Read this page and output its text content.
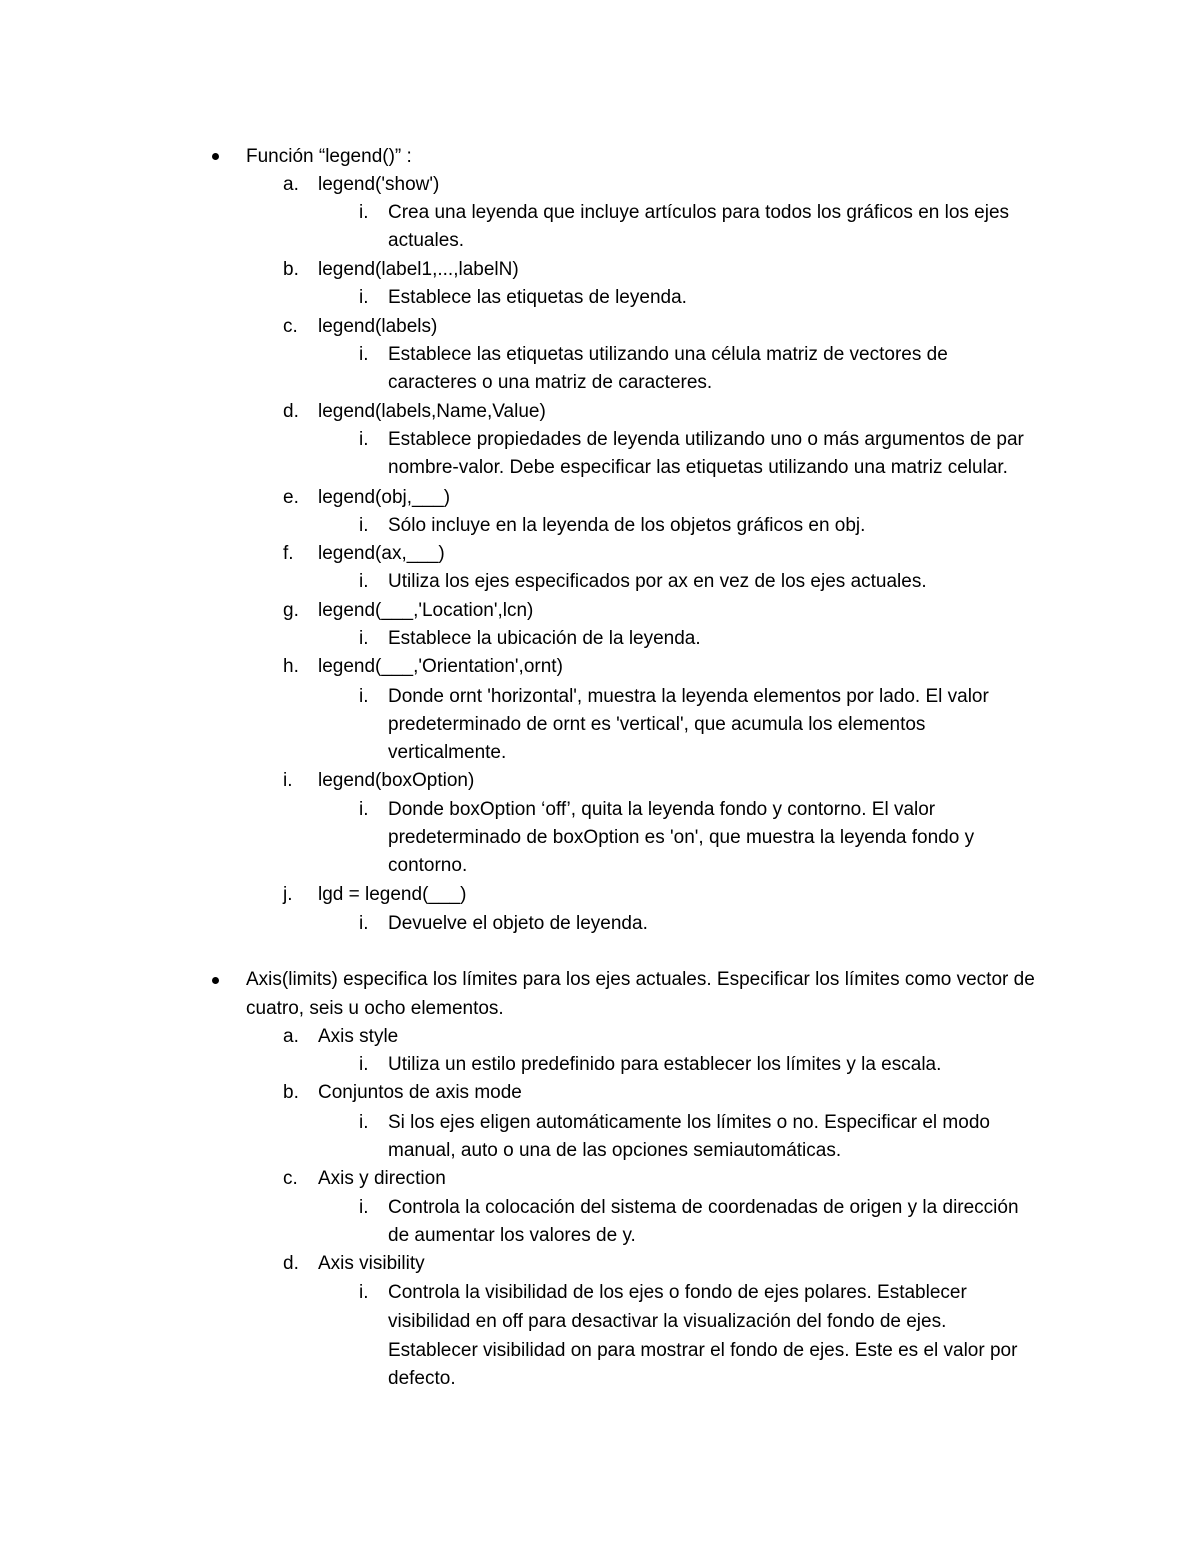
Función “legend()” :
a. legend('show')
i. Crea una leyenda que incluye artículos para todos los gráficos en los ejes
actuales.
b. legend(label1,...,labelN)
i. Establece las etiquetas de leyenda.
c. legend(labels)
i. Establece las etiquetas utilizando una célula matriz de vectores de
caracteres o una matriz de caracteres.
d. legend(labels,Name,Value)
i. Establece propiedades de leyenda utilizando uno o más argumentos de par
nombre-valor. Debe especificar las etiquetas utilizando una matriz celular.
e. legend(obj,___)
i. Sólo incluye en la leyenda de los objetos gráficos en obj.
f. legend(ax,___)
i. Utiliza los ejes especificados por ax en vez de los ejes actuales.
g. legend(___,'Location',lcn)
i. Establece la ubicación de la leyenda.
h. legend(___,'Orientation',ornt)
i. Donde ornt 'horizontal', muestra la leyenda elementos por lado. El valor
predeterminado de ornt es 'vertical', que acumula los elementos
verticalmente.
i. legend(boxOption)
i. Donde boxOption ‘off’, quita la leyenda fondo y contorno. El valor
predeterminado de boxOption es 'on', que muestra la leyenda fondo y
contorno.
j. lgd = legend(___)
i. Devuelve el objeto de leyenda.
Axis(limits) especifica los límites para los ejes actuales. Especificar los límites como vector de
cuatro, seis u ocho elementos.
a. Axis style
i. Utiliza un estilo predefinido para establecer los límites y la escala.
b. Conjuntos de axis mode
i. Si los ejes eligen automáticamente los límites o no. Especificar el modo
manual, auto o una de las opciones semiautomáticas.
c. Axis y direction
i. Controla la colocación del sistema de coordenadas de origen y la dirección
de aumentar los valores de y.
d. Axis visibility
i. Controla la visibilidad de los ejes o fondo de ejes polares. Establecer
visibilidad en off para desactivar la visualización del fondo de ejes.
Establecer visibilidad on para mostrar el fondo de ejes. Este es el valor por
defecto.
